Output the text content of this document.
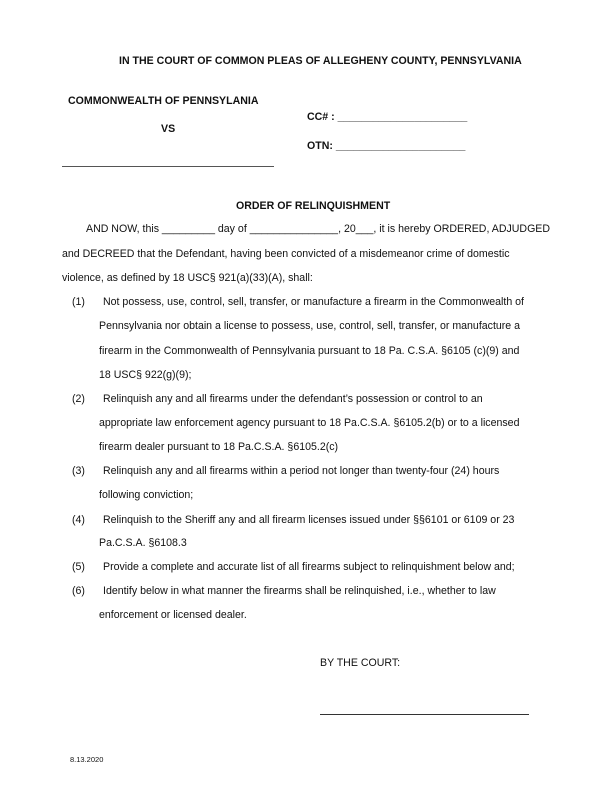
IN THE COURT OF COMMON PLEAS OF ALLEGHENY COUNTY, PENNSYLVANIA
COMMONWEALTH OF PENNSYLANIA
VS
CC# : ______________________
OTN: ______________________
ORDER OF RELINQUISHMENT
AND NOW, this _________ day of _______________, 20___, it is hereby ORDERED, ADJUDGED
and DECREED that the Defendant, having been convicted of a misdemeanor crime of domestic
violence, as defined by 18 USC§ 921(a)(33)(A), shall:
(1) Not possess, use, control, sell, transfer, or manufacture a firearm in the Commonwealth of
Pennsylvania nor obtain a license to possess, use, control, sell, transfer, or manufacture a
firearm in the Commonwealth of Pennsylvania pursuant to 18 Pa. C.S.A. §6105 (c)(9) and
18 USC§ 922(g)(9);
(2) Relinquish any and all firearms under the defendant’s possession or control to an
appropriate law enforcement agency pursuant to 18 Pa.C.S.A. §6105.2(b) or to a licensed
firearm dealer pursuant to 18 Pa.C.S.A. §6105.2(c)
(3) Relinquish any and all firearms within a period not longer than twenty-four (24) hours
following conviction;
(4) Relinquish to the Sheriff any and all firearm licenses issued under §§6101 or 6109 or 23
Pa.C.S.A. §6108.3
(5) Provide a complete and accurate list of all firearms subject to relinquishment below and;
(6) Identify below in what manner the firearms shall be relinquished, i.e., whether to law
enforcement or licensed dealer.
BY THE COURT:
8.13.2020
